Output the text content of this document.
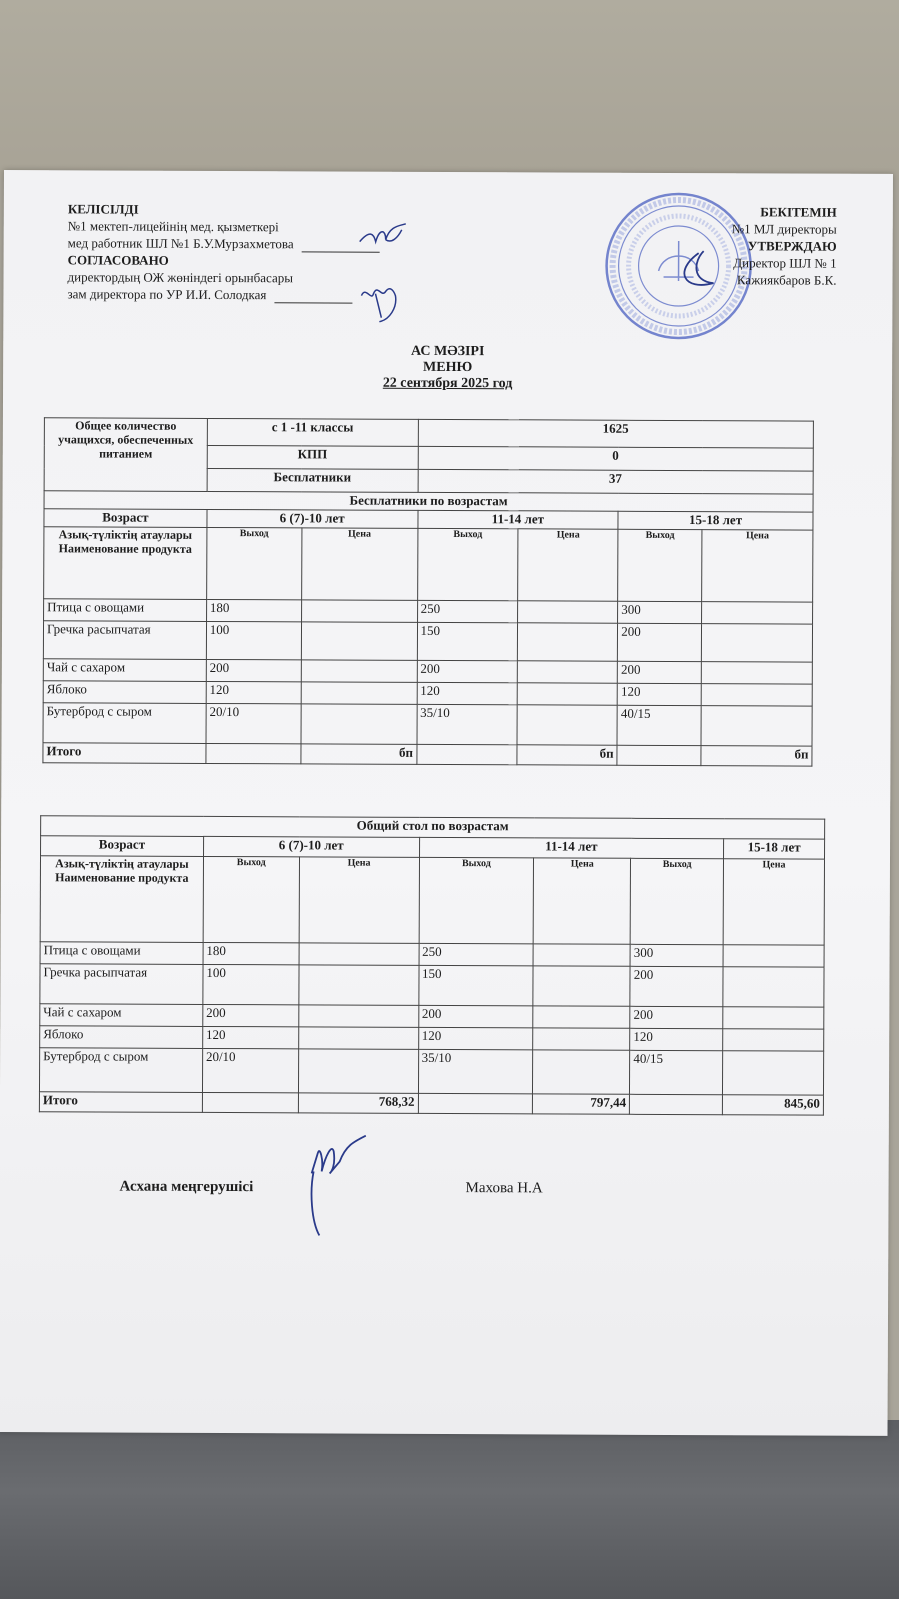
КЕЛІСІЛДІ
№1 мектеп-лицейінің мед. қызметкері
мед работник ШЛ №1 Б.У.Мурзахметова
СОГЛАСОВАНО
директордың ОЖ жөніндегі орынбасары
зам директора по УР И.И. Солодкая
БЕКІТЕМІН
№1 МЛ директоры
УТВЕРЖДАЮ
Директор ШЛ № 1
Кажиякбаров Б.К.
АС МӘЗІРІ
МЕНЮ
22 сентября 2025 год
Общее количество учащихся, обеспеченных питанием	с 1 -11 классы		1625			
	КПП		0			
	Бесплатники		37			
Бесплатники по возрастам						
Возраст	6 (7)-10 лет		11-14 лет		15-18 лет	
Азық-түліктің атаулары Наименование продукта	Выход	Цена	Выход	Цена	Выход	Цена
Птица с овощами	180		250		300	
Гречка расыпчатая	100		150		200	
Чай с сахаром	200		200		200	
Яблоко	120		120		120	
Бутерброд с сыром	20/10		35/10		40/15	
Итого		бп		бп		бп
Общий стол по возрастам						
Возраст	6 (7)-10 лет		11-14 лет			15-18 лет
Азық-түліктің атаулары Наименование продукта	Выход	Цена	Выход	Цена	Выход	Цена
Птица с овощами	180		250		300	
Гречка расыпчатая	100		150		200	
Чай с сахаром	200		200		200	
Яблоко	120		120		120	
Бутерброд с сыром	20/10		35/10		40/15	
Итого		768,32		797,44		845,60
Асхана меңгерушісі	Махова Н.А
